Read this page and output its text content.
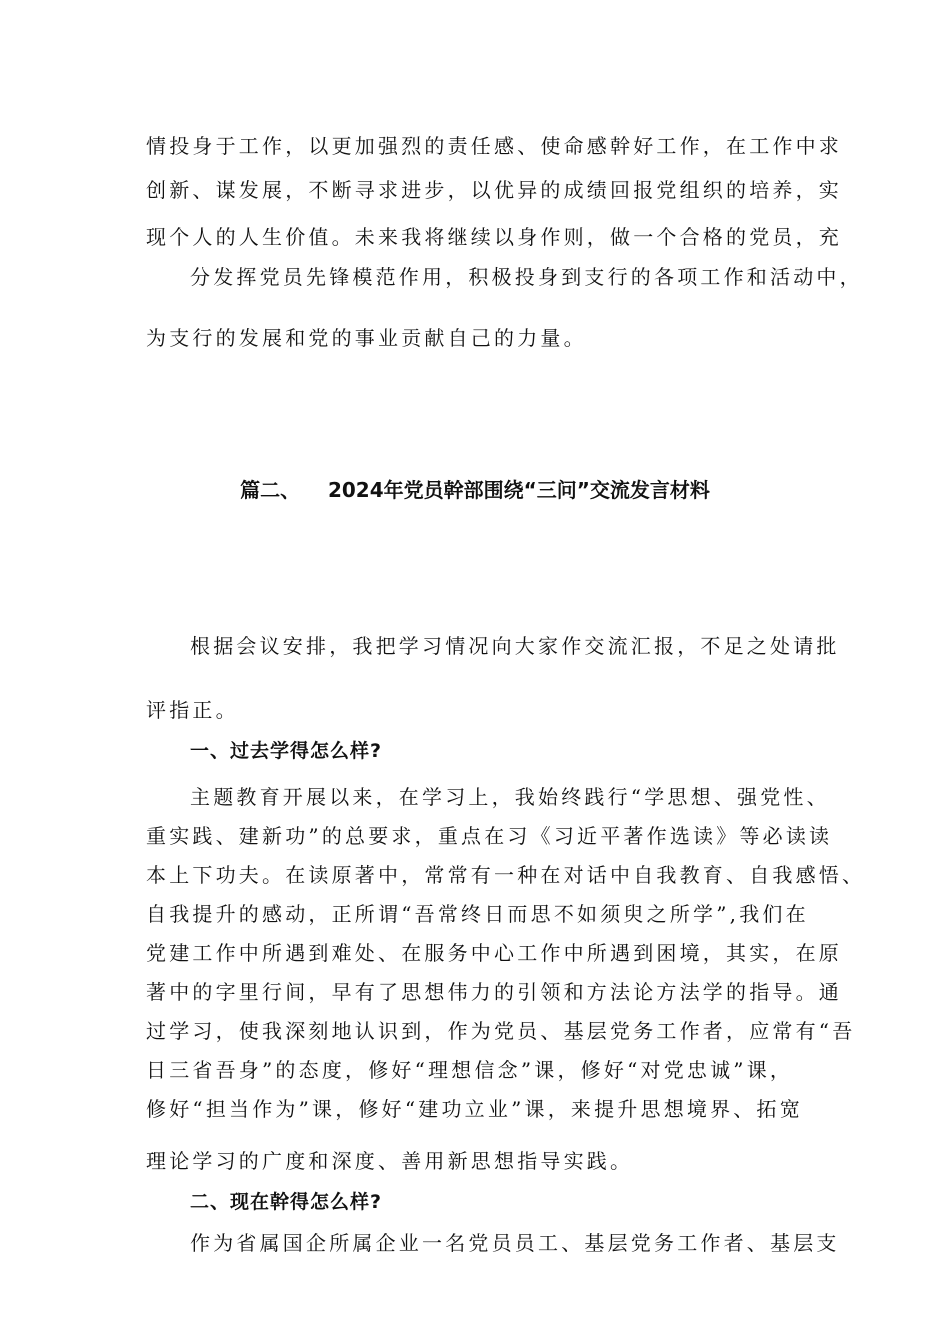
情投身于工作，以更加强烈的责任感、使命感幹好工作，在工作中求
创新、谋发展，不断寻求进步，以优异的成绩回报党组织的培养，实
现个人的人生价值。未来我将继续以身作则，做一个合格的党员，充
分发挥党员先锋模范作用，积极投身到支行的各项工作和活动中，
为支行的发展和党的事业贡献自己的力量。
篇二、    2024年党员幹部围绕“三问”交流发言材料
根据会议安排，我把学习情况向大家作交流汇报，不足之处请批
评指正。
一、过去学得怎么样?
主题教育开展以来，在学习上，我始终践行“学思想、强党性、
重实践、建新功”的总要求，重点在习《习近平著作选读》等必读读
本上下功夫。在读原著中，常常有一种在对话中自我教育、自我感悟、
自我提升的感动，正所谓“吾常终日而思不如须臾之所学”,我们在
党建工作中所遇到难处、在服务中心工作中所遇到困境，其实，在原
著中的字里行间，早有了思想伟力的引领和方法论方法学的指导。通
过学习，使我深刻地认识到，作为党员、基层党务工作者，应常有“吾
日三省吾身”的态度，修好“理想信念”课，修好“对党忠诚”课，
修好“担当作为”课，修好“建功立业”课，来提升思想境界、拓宽
理论学习的广度和深度、善用新思想指导实践。
二、现在幹得怎么样?
作为省属国企所属企业一名党员员工、基层党务工作者、基层支
